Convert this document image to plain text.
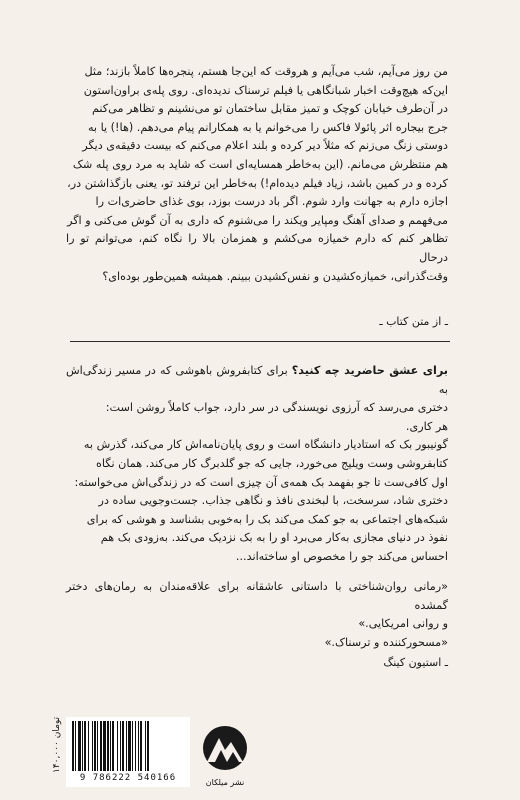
من روز می‌آیم، شب می‌آیم و هروقت که این‌جا هستم، پنجره‌ها کاملاً بازند؛ مثل
این‌که هیچ‌وقت اخبار شبانگاهی یا فیلم ترسناک ندیده‌ای. روی پله‌ی براون‌استون
در آن‌طرف خیابان کوچک و تمیز مقابل ساختمان تو می‌نشینم و تظاهر می‌کنم
جرج بیجاره اثر پائولا فاکس را می‌خوانم یا به همکارانم پیام می‌دهم. (ها!) یا به
دوستی زنگ می‌زنم که مثلاً دیر کرده و بلند اعلام می‌کنم که بیست دقیقه‌ی دیگر
هم منتظرش می‌مانم. (این به‌خاطر همسایه‌ای است که شاید به مرد روی پله شک
کرده و در کمین باشد، زیاد فیلم دیده‌ام!) به‌خاطر این ترفند تو، یعنی بازگذاشتن در،
اجازه دارم به جهانت وارد شوم. اگر باد درست بوزد، بوی غذای حاضری‌ات را
می‌فهمم و صدای آهنگ ومپایر ویکند را می‌شنوم که داری به آن گوش می‌کنی و اگر
تظاهر کنم که دارم خمیازه می‌کشم و همزمان بالا را نگاه کنم، می‌توانم تو را درحال
وقت‌گذرانی، خمیازه‌کشیدن و نفس‌کشیدن ببینم. همیشه همین‌طور بوده‌ای؟
ـ از متن کتاب ـ
برای عشق حاضرید چه کنید؟ برای کتابفروش باهوشی که در مسیر زندگی‌اش به
دختری می‌رسد که آرزوی نویسندگی در سر دارد، جواب کاملاً روشن است:
هر کاری.
گونیبور بک که استادیار دانشگاه است و روی پایان‌نامه‌اش کار می‌کند، گذرش به
کتابفروشی وست ویلیج می‌خورد، جایی که جو گلدبرگ کار می‌کند. همان نگاه
اول کافی‌ست تا جو بفهمد بک همه‌ی آن چیزی است که در زندگی‌اش می‌خواسته:
دختری شاد، سرسخت، با لبخندی نافذ و نگاهی جذاب. جست‌وجویی ساده در
شبکه‌های اجتماعی به جو کمک می‌کند بک را به‌خوبی بشناسد و هوشی که برای
نفوذ در دنیای مجازی به‌کار می‌برد او را به بک نزدیک می‌کند. به‌زودی بک هم
احساس می‌کند جو را مخصوص او ساخته‌اند...
«رمانی روان‌شناختی با داستانی عاشقانه برای علاقه‌مندان به رمان‌های دختر گمشده
و روانی امریکایی.»
«مسحورکننده و ترسناک.»
ـ استیون کینگ
۱۴۰,۰۰۰ تومان
9 786222 540166	نشر میلکان
